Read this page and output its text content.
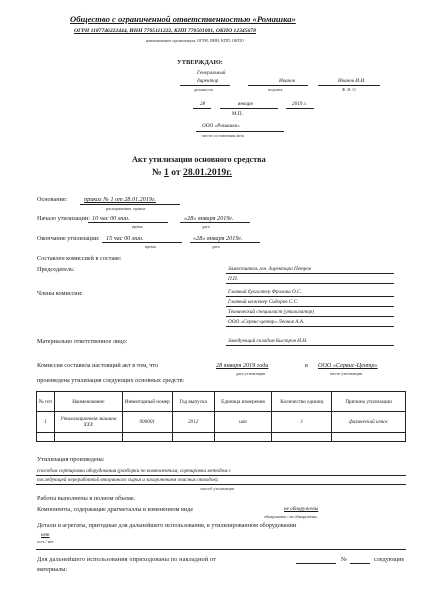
Общество с ограниченной ответственностью «Ромашка»
ОГРН 1187746222444, ИНН 7705111222, КПП 770501001, ОКПО 12345678
наименование организации, ОГРН, ИНН, КПП, ОКПО
УТВЕРЖДАЮ:
Генеральный
директор	Иванов	Иванов И.И.
должность	подпись	Ф. И. О.
28	января	2019 г.
М.П.
ООО «Ромашка»
место составления акта
Акт утилизации основного средства
№ 1 от 28.01.2019г.
Основание:	приказ № 1 от 28.01.2019г.
распоряжение, приказ
Начало утилизации: 10 час 00 мин.	«28» января 2019г.
время	дата
Окончание утилизации: 15 час 00 мин.	«28» января 2019г.
время	дата
Составлен комиссией в составе:
Председатель:	Заместитель ген. директора Петров
П.П.
Члены комиссии:	Главный бухгалтер Фролова О.С.
Главный инженер Сидоров С.С.
Технический специалист (утилизатор)
ООО «Сервис-центр» Леонов А.А.
Материально ответственное лицо:	Заведующий складом Быстров Н.Н.
Комиссия составила настоящий акт в том, что	28 января 2019 года	в ООО «Сервис-Центр»
дата утилизации	место утилизации
произведена утилизация следующих основных средств:
№ п/п	Наименование	Инвентарный номер	Год выпуска	Единица измерения	Количество единиц	Причина утилизации
1	Утилизационная машина XXX	000001	2012	шт	1	физический износ

Утилизация произведена:
способом сортировки оборудования (разборки по компонентам, сортировки методом с
последующей переработкой вторичного сырья и захоронением опасных отходов).
способ утилизации
Работы выполнены в полном объеме.
Компоненты, содержащие драгметаллы в измененном виде	не обнаружены
обнаружены / не обнаружены
Детали и агрегаты, пригодные для дальнейшего использования, в утилизированном оборудовании
нет
есть / нет
Для дальнейшего использования оприходованы по накладной от	№	следующие
материалы:
